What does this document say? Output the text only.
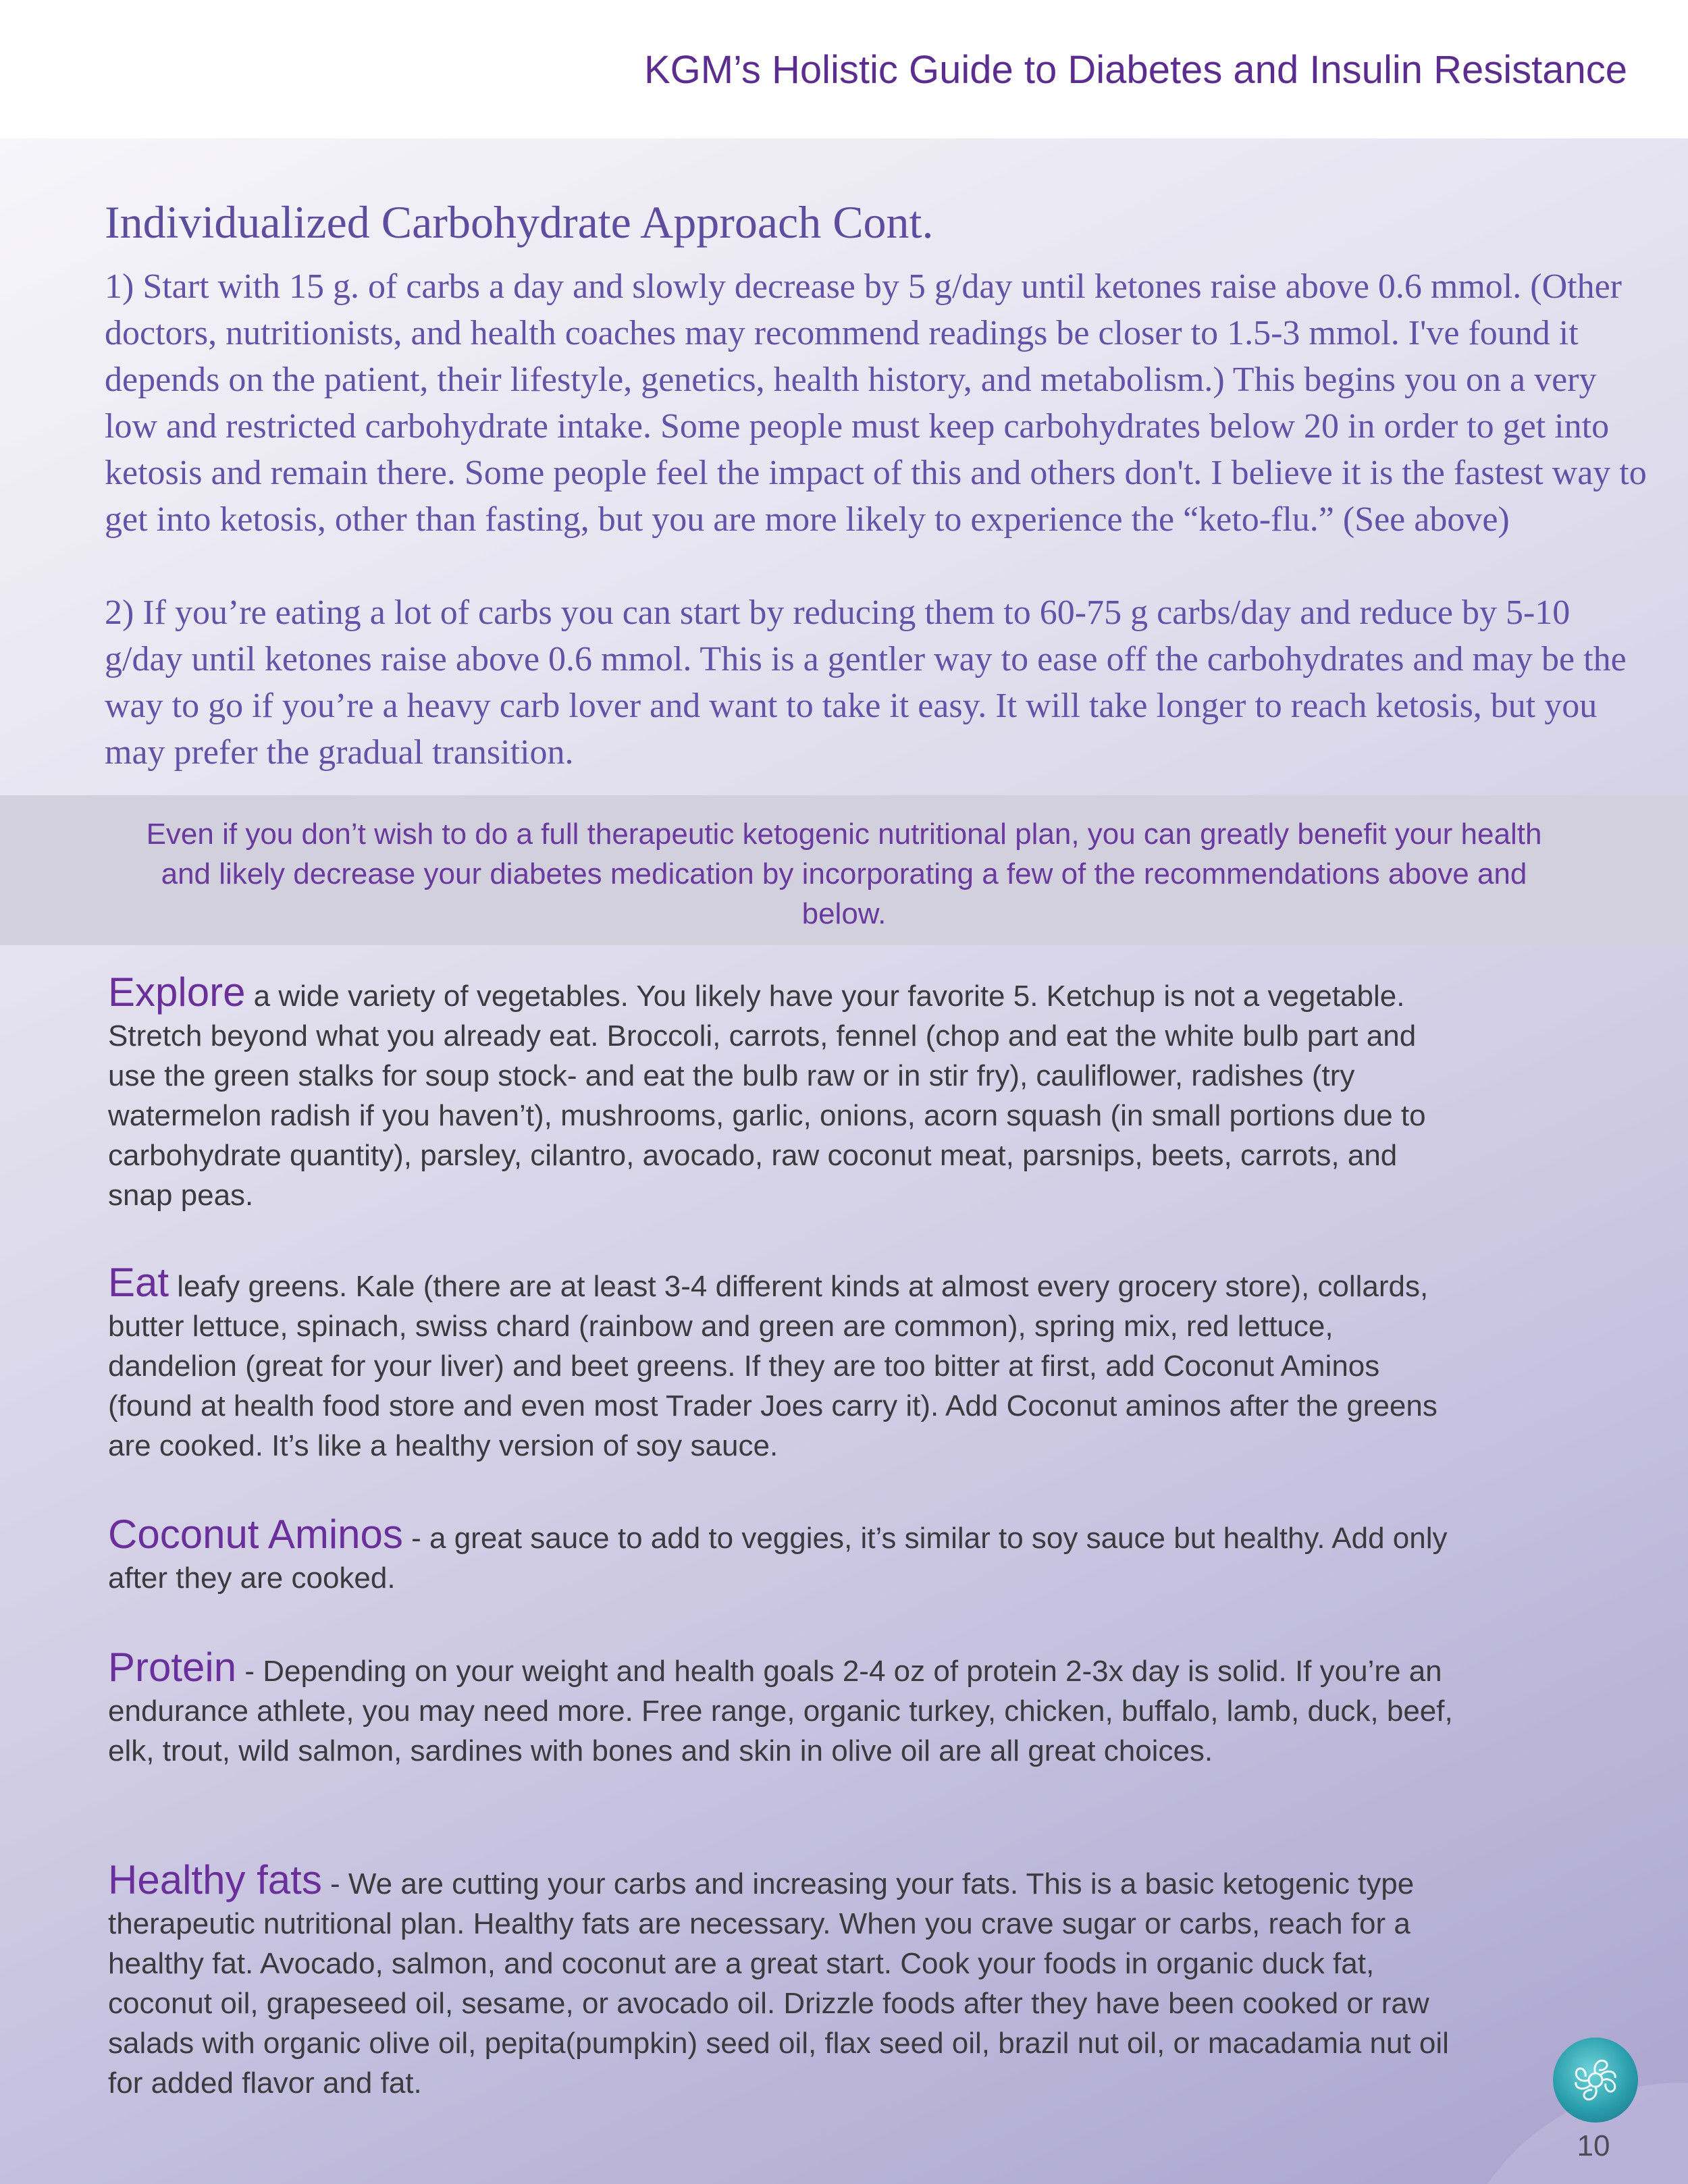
KGM’s Holistic Guide to Diabetes and Insulin Resistance
Individualized Carbohydrate Approach Cont.
1) Start with 15 g. of carbs a day and slowly decrease by 5 g/day until ketones raise above 0.6 mmol. (Other doctors, nutritionists, and health coaches may recommend readings be closer to 1.5-3 mmol. I've found it depends on the patient, their lifestyle, genetics, health history, and metabolism.) This begins you on a very low and restricted carbohydrate intake. Some people must keep carbohydrates below 20 in order to get into ketosis and remain there. Some people feel the impact of this and others don't. I believe it is the fastest way to get into ketosis, other than fasting, but you are more likely to experience the “keto-flu.” (See above)
2) If you’re eating a lot of carbs you can start by reducing them to 60-75 g carbs/day and reduce by 5-10 g/day until ketones raise above 0.6 mmol. This is a gentler way to ease off the carbohydrates and may be the way to go if you’re a heavy carb lover and want to take it easy. It will take longer to reach ketosis, but you may prefer the gradual transition.
Even if you don’t wish to do a full therapeutic ketogenic nutritional plan, you can greatly benefit your health and likely decrease your diabetes medication by incorporating a few of the recommendations above and below.
Explore a wide variety of vegetables. You likely have your favorite 5. Ketchup is not a vegetable. Stretch beyond what you already eat. Broccoli, carrots, fennel (chop and eat the white bulb part and use the green stalks for soup stock- and eat the bulb raw or in stir fry), cauliflower, radishes (try watermelon radish if you haven’t), mushrooms, garlic, onions, acorn squash (in small portions due to carbohydrate quantity), parsley, cilantro, avocado, raw coconut meat, parsnips, beets, carrots, and snap peas.
Eat leafy greens. Kale (there are at least 3-4 different kinds at almost every grocery store), collards, butter lettuce, spinach, swiss chard (rainbow and green are common), spring mix, red lettuce, dandelion (great for your liver) and beet greens. If they are too bitter at first, add Coconut Aminos (found at health food store and even most Trader Joes carry it). Add Coconut aminos after the greens are cooked. It’s like a healthy version of soy sauce.
Coconut Aminos - a great sauce to add to veggies, it’s similar to soy sauce but healthy. Add only after they are cooked.
Protein - Depending on your weight and health goals 2-4 oz of protein 2-3x day is solid. If you’re an endurance athlete, you may need more. Free range, organic turkey, chicken, buffalo, lamb, duck, beef, elk, trout, wild salmon, sardines with bones and skin in olive oil are all great choices.
Healthy fats - We are cutting your carbs and increasing your fats. This is a basic ketogenic type therapeutic nutritional plan. Healthy fats are necessary. When you crave sugar or carbs, reach for a healthy fat. Avocado, salmon, and coconut are a great start. Cook your foods in organic duck fat, coconut oil, grapeseed oil, sesame, or avocado oil. Drizzle foods after they have been cooked or raw salads with organic olive oil, pepita(pumpkin) seed oil, flax seed oil, brazil nut oil, or macadamia nut oil for added flavor and fat.
10
